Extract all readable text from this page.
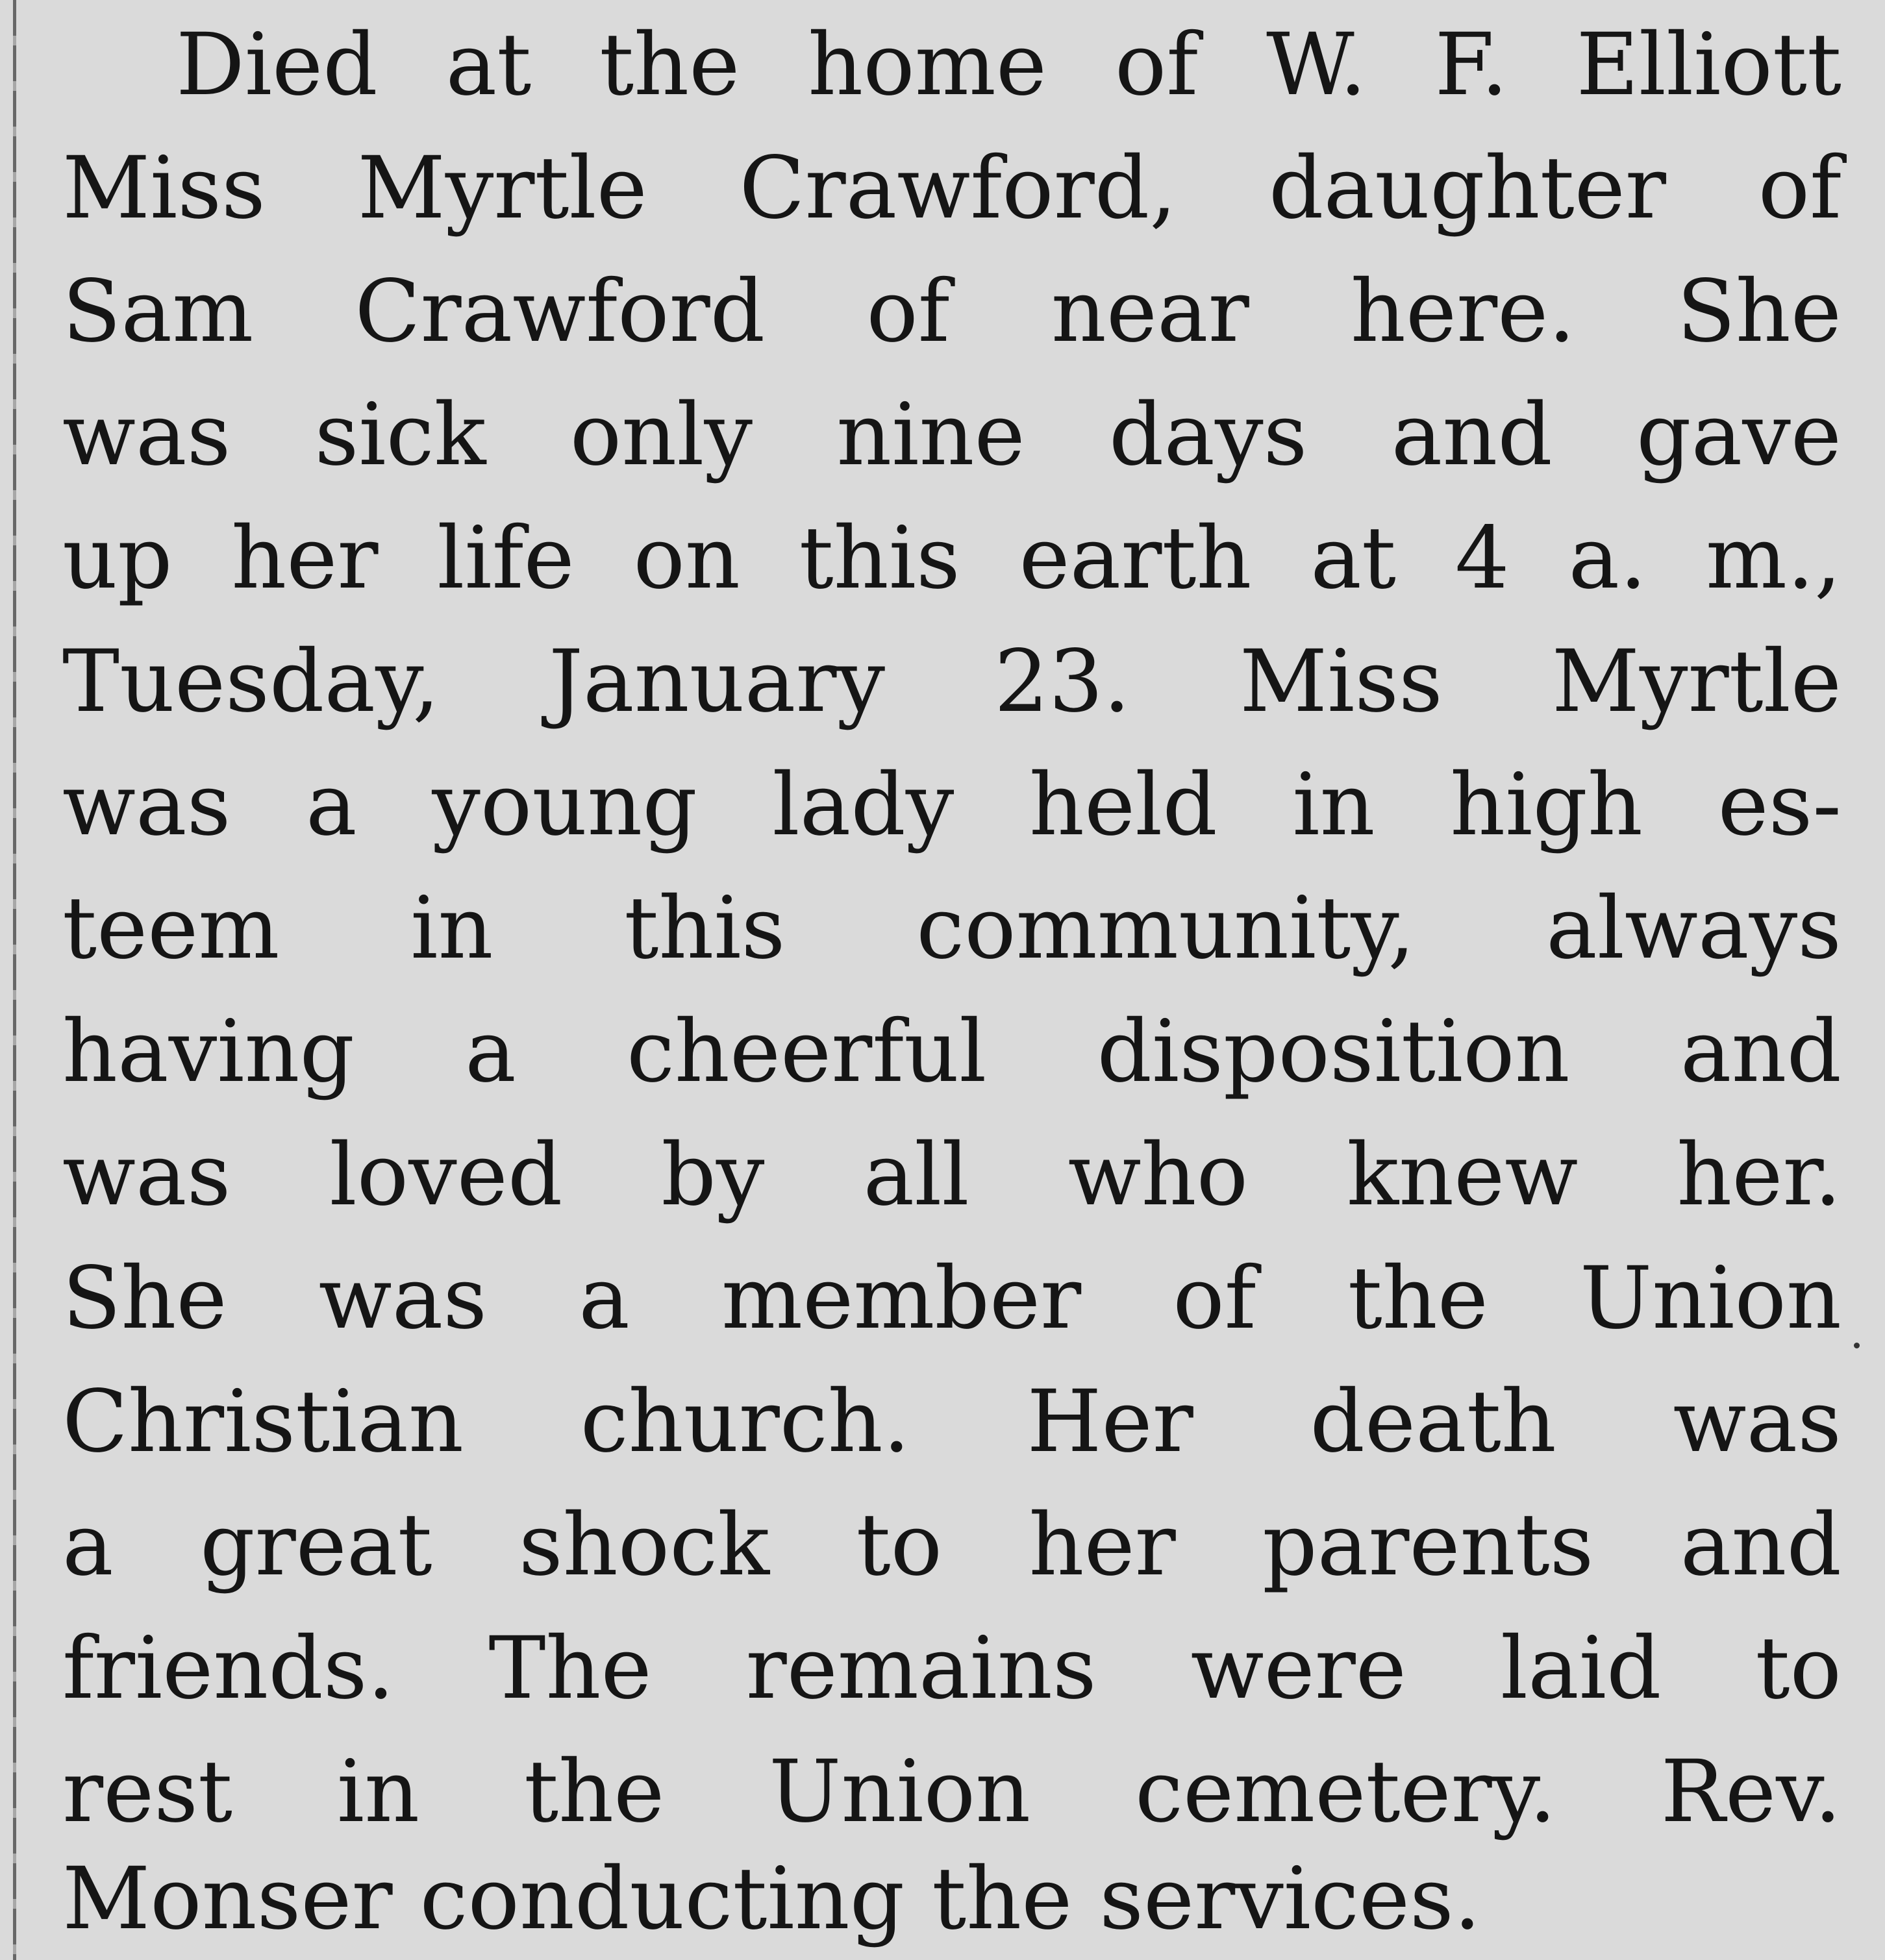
Died at the home of W. F. Elliott
Miss Myrtle Crawford, daughter of
Sam Crawford of near here. She
was sick only nine days and gave
up her life on this earth at 4 a. m.,
Tuesday, January 23. Miss Myrtle
was a young lady held in high es-
teem in this community, always
having a cheerful disposition and
was loved by all who knew her.
She was a member of the Union
Christian church. Her death was
a great shock to her parents and
friends. The remains were laid to
rest in the Union cemetery. Rev.
Monser conducting the services.
